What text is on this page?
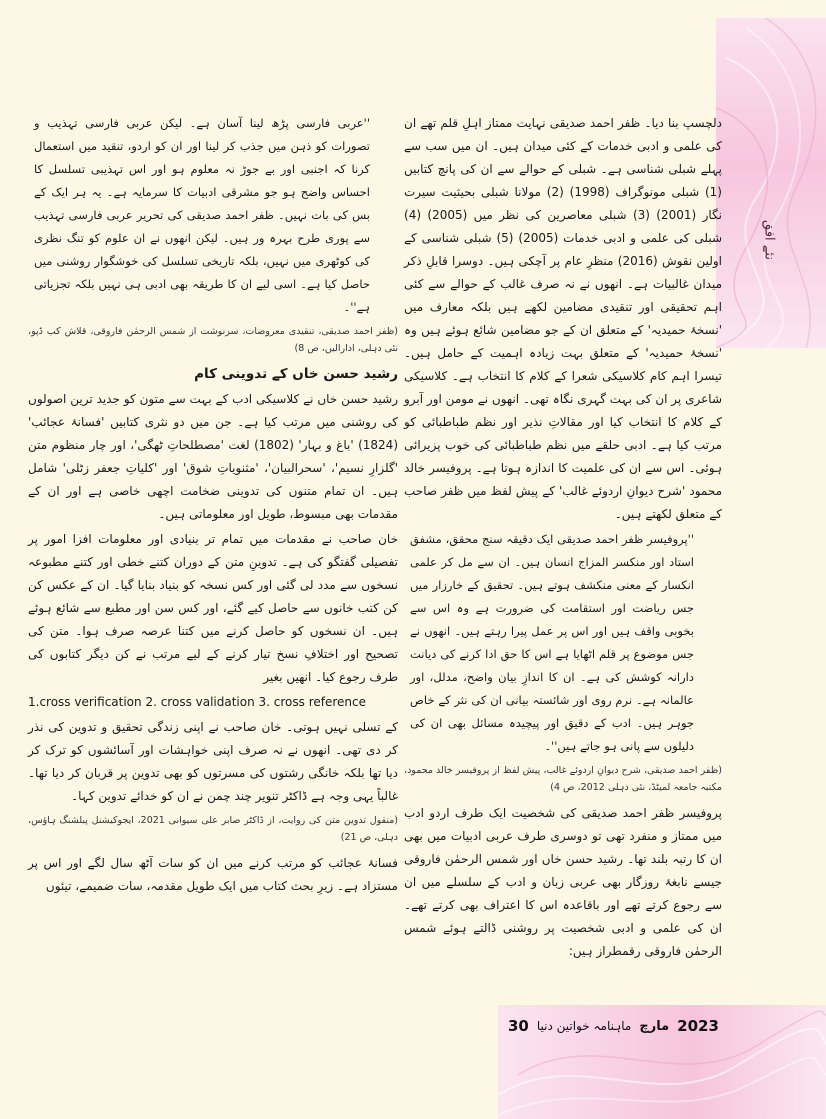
نئے افق

دلچسپ بنا دیا۔ ظفر احمد صدیقی نہایت ممتاز اہلِ قلم تھے ان کی علمی و ادبی خدمات کے کئی میدان ہیں۔ ان میں سب سے پہلے شبلی شناسی ہے۔ شبلی کے حوالے سے ان کی پانچ کتابیں (1) شبلی مونوگراف (1998) (2) مولانا شبلی بحیثیت سیرت نگار (2001) (3) شبلی معاصرین کی نظر میں (2005) (4) شبلی کی علمی و ادبی خدمات (2005) (5) شبلی شناسی کے اولین نقوش (2016) منظرِ عام پر آچکی ہیں۔ دوسرا قابلِ ذکر میدان غالبیات ہے۔ انھوں نے نہ صرف غالب کے حوالے سے کئی اہم تحقیقی اور تنقیدی مضامین لکھے ہیں بلکہ معارف میں 'نسخۂ حمیدیہ' کے متعلق ان کے جو مضامین شائع ہوئے ہیں وہ 'نسخۂ حمیدیہ' کے متعلق بہت زیادہ اہمیت کے حامل ہیں۔ تیسرا اہم کام کلاسیکی شعرا کے کلام کا انتخاب ہے۔ کلاسیکی شاعری پر ان کی بہت گہری نگاہ تھی۔ انھوں نے مومن اور آبرو کے کلام کا انتخاب کیا اور مقالاتِ نذیر اور نظم طباطبائی کو مرتب کیا ہے۔ ادبی حلقے میں نظم طباطبائی کی خوب پزیرائی ہوئی۔ اس سے ان کی علمیت کا اندازہ ہوتا ہے۔ پروفیسر خالد محمود 'شرح دیوانِ اردوئے غالب' کے پیش لفظ میں ظفر صاحب کے متعلق لکھتے ہیں۔

''پروفیسر ظفر احمد صدیقی ایک دقیقہ سنج محقق، مشفق استاد اور منکسر المزاج انسان ہیں۔ ان سے مل کر علمی انکسار کے معنی منکشف ہوتے ہیں۔ تحقیق کے خارزار میں جس ریاضت اور استقامت کی ضرورت ہے وہ اس سے بخوبی واقف ہیں اور اس پر عمل پیرا رہتے ہیں۔ انھوں نے جس موضوع پر قلم اٹھایا ہے اس کا حق ادا کرنے کی دیانت دارانہ کوشش کی ہے۔ ان کا اندازِ بیان واضح، مدلل، اور عالمانہ ہے۔ نرم روی اور شائستہ بیانی ان کی نثر کے خاص جوہر ہیں۔ ادب کے دقیق اور پیچیدہ مسائل بھی ان کی دلیلوں سے پانی ہو جاتے ہیں''۔

(ظفر احمد صدیقی، شرح دیوانِ اردوئے غالب، پیش لفظ از پروفیسر خالد محمود، مکتبہ جامعہ لمیٹڈ، نئی دہلی 2012، ص 4)

پروفیسر ظفر احمد صدیقی کی شخصیت ایک طرف اردو ادب میں ممتاز و منفرد تھی تو دوسری طرف عربی ادبیات میں بھی ان کا رتبہ بلند تھا۔ رشید حسن خاں اور شمس الرحمٰن فاروقی جیسے نابغۂ روزگار بھی عربی زبان و ادب کے سلسلے میں ان سے رجوع کرتے تھے اور باقاعدہ اس کا اعتراف بھی کرتے تھے۔ ان کی علمی و ادبی شخصیت پر روشنی ڈالتے ہوئے شمس الرحمٰن فاروقی رقمطراز ہیں:

''عربی فارسی پڑھ لینا آسان ہے۔ لیکن عربی فارسی تہذیب و تصورات کو ذہن میں جذب کر لینا اور ان کو اردو، تنقید میں استعمال کرنا کہ اجنبی اور بے جوڑ نہ معلوم ہو اور اس تہذیبی تسلسل کا احساس واضح ہو جو مشرقی ادبیات کا سرمایہ ہے۔ یہ ہر ایک کے بس کی بات نہیں۔ ظفر احمد صدیقی کی تحریر عربی فارسی تہذیب سے پوری طرح بہرہ ور ہیں۔ لیکن انھوں نے ان علوم کو تنگ نظری کی کوٹھری میں نہیں، بلکہ تاریخی تسلسل کی خوشگوار روشنی میں حاصل کیا ہے۔ اسی لیے ان کا طریقہ بھی ادبی ہی نہیں بلکہ تجزیاتی ہے''۔

(ظفر احمد صدیقی، تنقیدی معروضات، سرنوشت از شمس الرحمٰن فاروقی، قلاش کب ڈپو، نئی دہلی، ادارالیں، ص 8)

رشید حسن خاں کے تدوینی کام

رشید حسن خاں نے کلاسیکی ادب کے بہت سے متون کو جدید ترین اصولوں کی روشنی میں مرتب کیا ہے۔ جن میں دو نثری کتابیں 'فسانۂ عجائب' (1824) 'باغ و بہار' (1802) لغت 'مصطلحاتِ ٹھگی'، اور چار منظوم متن 'گلزارِ نسیم'، 'سحرالبیان'، 'مثنویاتِ شوق' اور 'کلیاتِ جعفر زٹلی' شامل ہیں۔ ان تمام متنوں کی تدوینی ضخامت اچھی خاصی ہے اور ان کے مقدمات بھی مبسوط، طویل اور معلوماتی ہیں۔

خان صاحب نے مقدمات میں تمام تر بنیادی اور معلومات افزا امور پر تفصیلی گفتگو کی ہے۔ تدوینِ متن کے دوران کتنے خطی اور کتنے مطبوعہ نسخوں سے مدد لی گئی اور کس نسخہ کو بنیاد بنایا گیا۔ ان کے عکس کن کن کتب خانوں سے حاصل کیے گئے، اور کس سن اور مطبع سے شائع ہوئے ہیں۔ ان نسخوں کو حاصل کرنے میں کتنا عرصہ صرف ہوا۔ متن کی تصحیح اور اختلافِ نسخ تیار کرنے کے لیے مرتب نے کن دیگر کتابوں کی طرف رجوع کیا۔ انھیں بغیر

1.cross verification 2. cross validation 3. cross reference

کے تسلی نہیں ہوتی۔ خان صاحب نے اپنی زندگی تحقیق و تدوین کی نذر کر دی تھی۔ انھوں نے نہ صرف اپنی خواہشات اور آسائشوں کو ترک کر دیا تھا بلکہ خانگی رشتوں کی مسرتوں کو بھی تدوین پر قربان کر دیا تھا۔ غالباً یہی وجہ ہے ڈاکٹر تنویر چند چمن نے ان کو خدائے تدوین کہا۔

(منقول تدوین متن کی روایت، از ڈاکٹر صابر علی سیوانی 2021، ایجوکیشنل پبلشنگ ہاؤس، دہلی، ص 21)

فسانۂ عجائب کو مرتب کرنے میں ان کو سات آٹھ سال لگے اور اس پر مستزاد ہے۔ زیرِ بحث کتاب میں ایک طویل مقدمہ، سات ضمیمے، تیئوں

30 ماہنامہ خواتین دنیا مارچ 2023
